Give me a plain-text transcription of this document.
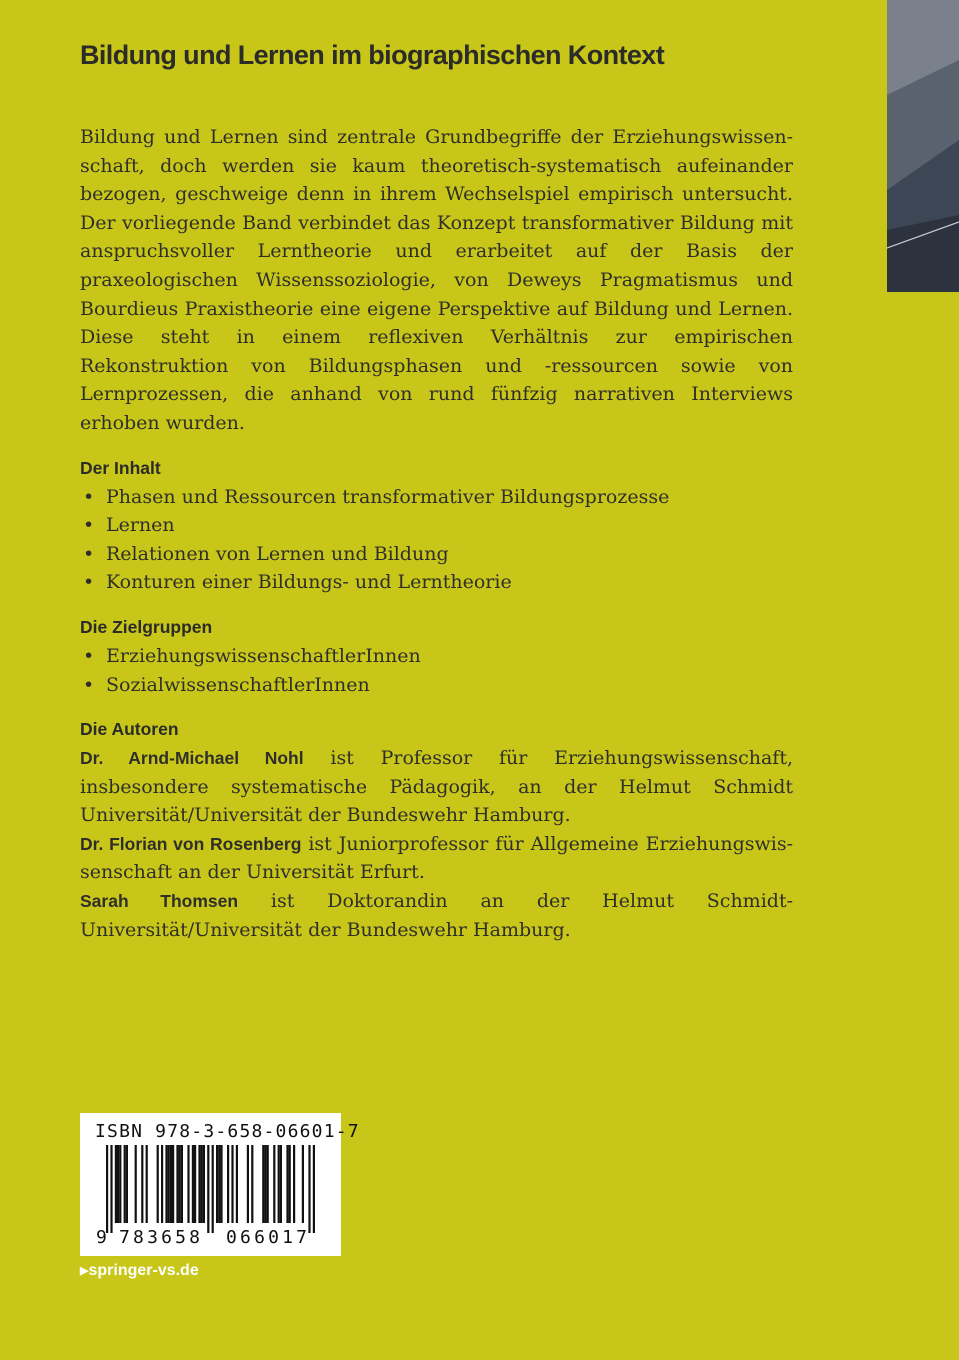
Bildung und Lernen im biographischen Kontext

Bildung und Lernen sind zentrale Grundbegriffe der Erziehungswissenschaft, doch werden sie kaum theoretisch-systematisch aufeinander bezogen, geschweige denn in ihrem Wechselspiel empirisch untersucht. Der vorliegende Band verbindet das Konzept transformativer Bildung mit anspruchsvoller Lerntheorie und erarbeitet auf der Basis der praxeologischen Wissenssoziologie, von Deweys Pragmatismus und Bourdieus Praxistheorie eine eigene Perspektive auf Bildung und Lernen. Diese steht in einem reflexiven Verhältnis zur empirischen Rekonstruktion von Bildungsphasen und -ressourcen sowie von Lernprozessen, die anhand von rund fünfzig narrativen Interviews erhoben wurden.

Der Inhalt
• Phasen und Ressourcen transformativer Bildungsprozesse
• Lernen
• Relationen von Lernen und Bildung
• Konturen einer Bildungs- und Lerntheorie
Die Zielgruppen
• ErziehungswissenschaftlerInnen
• SozialwissenschaftlerInnen
Die Autoren

Dr. Arnd-Michael Nohl ist Professor für Erziehungswissenschaft, insbesondere systematische Pädagogik, an der Helmut Schmidt Universität/Universität der Bundeswehr Hamburg.

Dr. Florian von Rosenberg ist Juniorprofessor für Allgemeine Erziehungswissenschaft an der Universität Erfurt.

Sarah Thomsen ist Doktorandin an der Helmut Schmidt-Universität/Universität der Bundeswehr Hamburg.

ISBN 978-3-658-06601-7
9 783658 066017
▶springer-vs.de
